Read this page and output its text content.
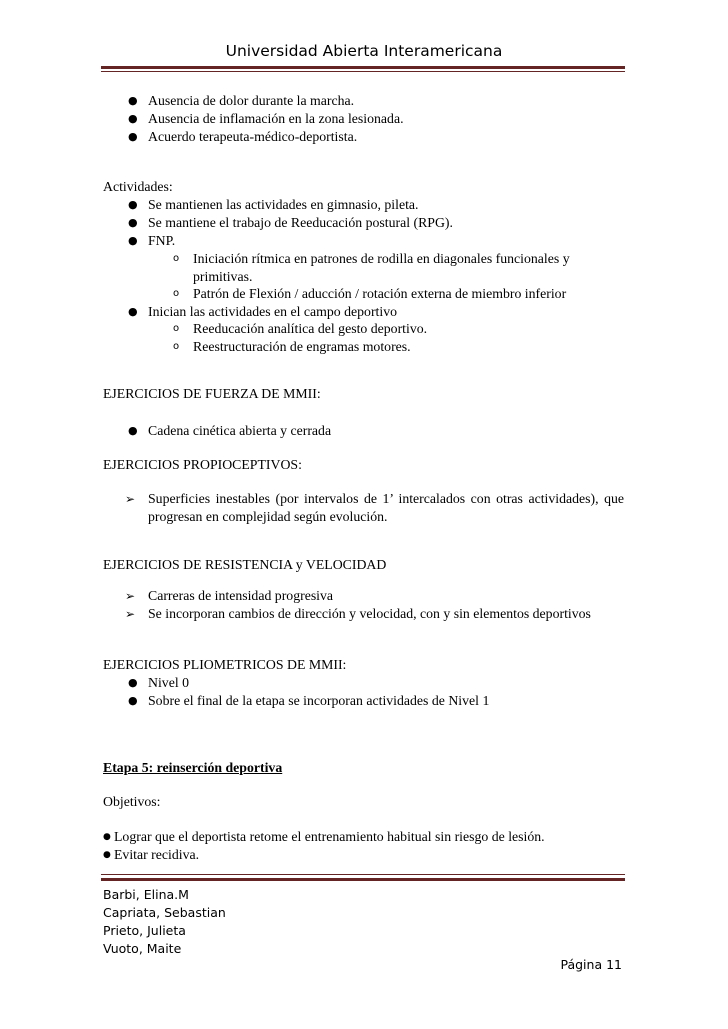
Universidad Abierta Interamericana
● Ausencia de dolor durante la marcha.
● Ausencia de inflamación en la zona lesionada.
● Acuerdo terapeuta-médico-deportista.
Actividades:
● Se mantienen las actividades en gimnasio, pileta.
● Se mantiene el trabajo de Reeducación postural (RPG).
● FNP.
o Iniciación rítmica en patrones de rodilla en diagonales funcionales y
primitivas.
o Patrón de Flexión / aducción / rotación externa de miembro inferior
● Inician las actividades en el campo deportivo
o Reeducación analítica del gesto deportivo.
o Reestructuración de engramas motores.
EJERCICIOS DE FUERZA DE MMII:
● Cadena cinética abierta y cerrada
EJERCICIOS PROPIOCEPTIVOS:
➢ Superficies inestables (por intervalos de 1’ intercalados con otras actividades), que progresan en complejidad según evolución.
EJERCICIOS DE RESISTENCIA y VELOCIDAD
➢ Carreras de intensidad progresiva
➢ Se incorporan cambios de dirección y velocidad, con y sin elementos deportivos
EJERCICIOS PLIOMETRICOS DE MMII:
● Nivel 0
● Sobre el final de la etapa se incorporan actividades de Nivel 1
Etapa 5: reinserción deportiva
Objetivos:
● Lograr que el deportista retome el entrenamiento habitual sin riesgo de lesión.
● Evitar recidiva.
Barbi, Elina.M
Capriata, Sebastian
Prieto, Julieta
Vuoto, Maite
Página 11
